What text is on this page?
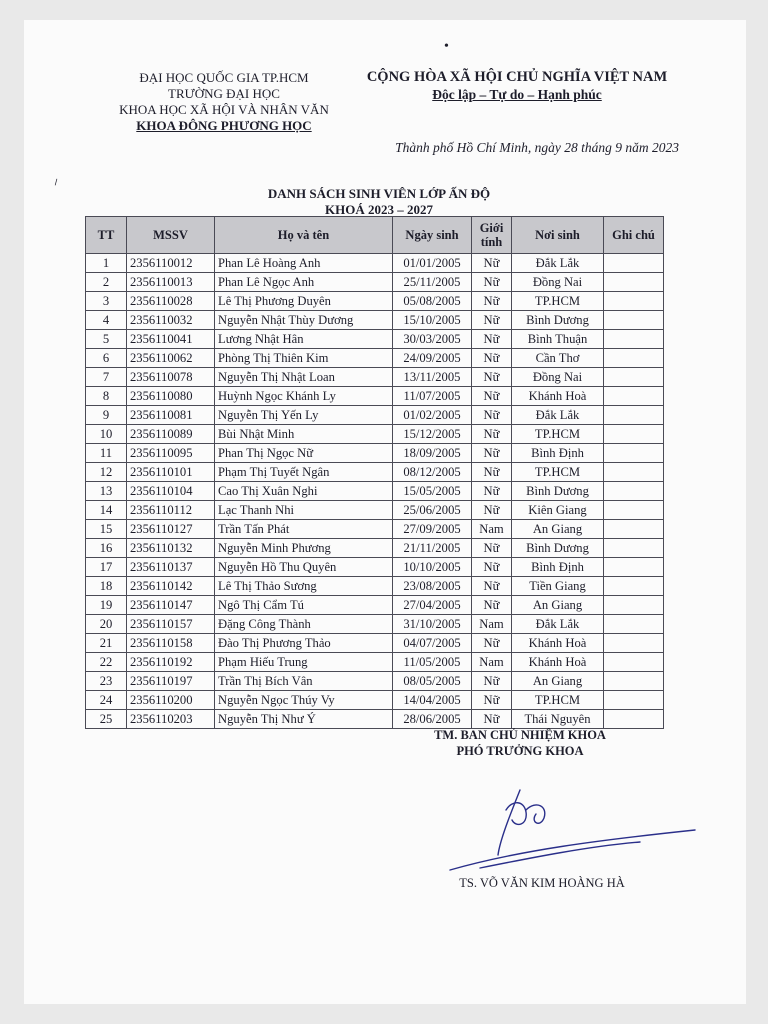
•
⸝
ĐẠI HỌC QUỐC GIA TP.HCM
TRƯỜNG ĐẠI HỌC
KHOA HỌC XÃ HỘI VÀ NHÂN VĂN
KHOA ĐÔNG PHƯƠNG HỌC
CỘNG HÒA XÃ HỘI CHỦ NGHĨA VIỆT NAM
Độc lập – Tự do – Hạnh phúc
Thành phố Hồ Chí Minh, ngày 28 tháng 9 năm 2023
DANH SÁCH SINH VIÊN LỚP ẤN ĐỘ
KHOÁ 2023 – 2027
TT	MSSV	Họ và tên	Ngày sinh	Giới tính	Nơi sinh	Ghi chú
1	2356110012	Phan Lê Hoàng Anh	01/01/2005	Nữ	Đắk Lắk	
2	2356110013	Phan Lê Ngọc Anh	25/11/2005	Nữ	Đồng Nai	
3	2356110028	Lê Thị Phương Duyên	05/08/2005	Nữ	TP.HCM	
4	2356110032	Nguyễn Nhật Thùy Dương	15/10/2005	Nữ	Bình Dương	
5	2356110041	Lương Nhật Hân	30/03/2005	Nữ	Bình Thuận	
6	2356110062	Phòng Thị Thiên Kim	24/09/2005	Nữ	Cần Thơ	
7	2356110078	Nguyễn Thị Nhật Loan	13/11/2005	Nữ	Đồng Nai	
8	2356110080	Huỳnh Ngọc Khánh Ly	11/07/2005	Nữ	Khánh Hoà	
9	2356110081	Nguyễn Thị Yến Ly	01/02/2005	Nữ	Đắk Lắk	
10	2356110089	Bùi Nhật Minh	15/12/2005	Nữ	TP.HCM	
11	2356110095	Phan Thị Ngọc Nữ	18/09/2005	Nữ	Bình Định	
12	2356110101	Phạm Thị Tuyết Ngân	08/12/2005	Nữ	TP.HCM	
13	2356110104	Cao Thị Xuân Nghi	15/05/2005	Nữ	Bình Dương	
14	2356110112	Lạc Thanh Nhi	25/06/2005	Nữ	Kiên Giang	
15	2356110127	Trần Tấn Phát	27/09/2005	Nam	An Giang	
16	2356110132	Nguyễn Minh Phương	21/11/2005	Nữ	Bình Dương	
17	2356110137	Nguyễn Hồ Thu Quyên	10/10/2005	Nữ	Bình Định	
18	2356110142	Lê Thị Thảo Sương	23/08/2005	Nữ	Tiền Giang	
19	2356110147	Ngô Thị Cẩm Tú	27/04/2005	Nữ	An Giang	
20	2356110157	Đặng Công Thành	31/10/2005	Nam	Đắk Lắk	
21	2356110158	Đào Thị Phương Thảo	04/07/2005	Nữ	Khánh Hoà	
22	2356110192	Phạm Hiếu Trung	11/05/2005	Nam	Khánh Hoà	
23	2356110197	Trần Thị Bích Vân	08/05/2005	Nữ	An Giang	
24	2356110200	Nguyễn Ngọc Thúy Vy	14/04/2005	Nữ	TP.HCM	
25	2356110203	Nguyễn Thị Như Ý	28/06/2005	Nữ	Thái Nguyên	
TM. BAN CHỦ NHIỆM KHOA
PHÓ TRƯỞNG KHOA
TS. VÕ VĂN KIM HOÀNG HÀ
